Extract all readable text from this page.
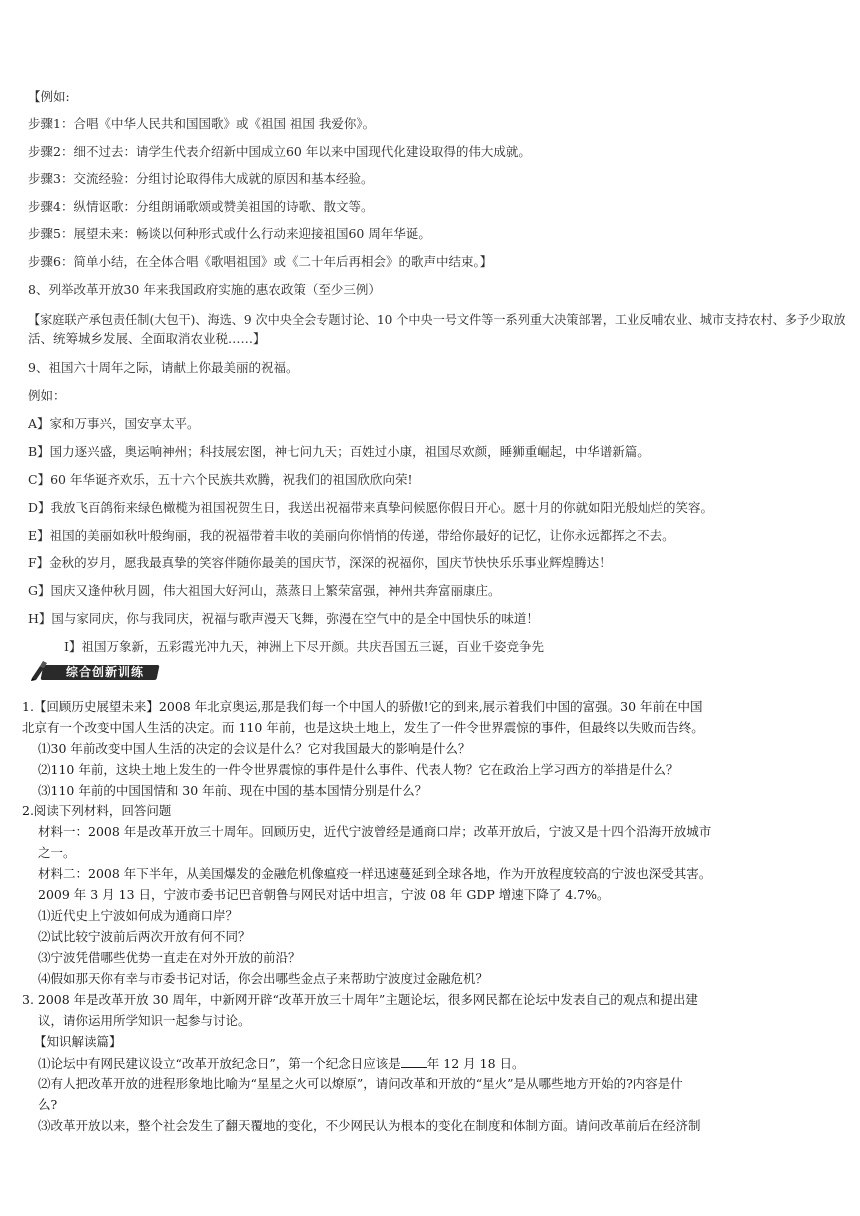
【例如:
步骤1：合唱《中华人民共和国国歌》或《祖国 祖国 我爱你》。
步骤2：细不过去：请学生代表介绍新中国成立60 年以来中国现代化建设取得的伟大成就。
步骤3：交流经验：分组讨论取得伟大成就的原因和基本经验。
步骤4：纵情讴歌：分组朗诵歌颂或赞美祖国的诗歌、散文等。
步骤5：展望未来：畅谈以何种形式或什么行动来迎接祖国60 周年华诞。
步骤6：简单小结，在全体合唱《歌唱祖国》或《二十年后再相会》的歌声中结束。】
8、列举改革开放30 年来我国政府实施的惠农政策（至少三例）
【家庭联产承包责任制(大包干)、海选、9 次中央全会专题讨论、10 个中央一号文件等一系列重大决策部署，工业反哺农业、城市支持农村、多予少取放
活、统筹城乡发展、全面取消农业税……】
9、祖国六十周年之际，请献上你最美丽的祝福。
例如：
A】家和万事兴，国安享太平。
B】国力逐兴盛，奥运响神州；科技展宏图，神七问九天；百姓过小康，祖国尽欢颜，睡狮重崛起，中华谱新篇。
C】60 年华诞齐欢乐，五十六个民族共欢腾，祝我们的祖国欣欣向荣!
D】我放飞百鸽衔来绿色橄榄为祖国祝贺生日，我送出祝福带来真挚问候愿你假日开心。愿十月的你就如阳光般灿烂的笑容。
E】祖国的美丽如秋叶般绚丽，我的祝福带着丰收的美丽向你悄悄的传递，带给你最好的记忆，让你永远都挥之不去。
F】金秋的岁月，愿我最真挚的笑容伴随你最美的国庆节，深深的祝福你，国庆节快快乐乐事业辉煌腾达！
G】国庆又逢仲秋月圆，伟大祖国大好河山，蒸蒸日上繁荣富强，神州共奔富丽康庄。
H】国与家同庆，你与我同庆，祝福与歌声漫天飞舞，弥漫在空气中的是全中国快乐的味道！
I】祖国万象新，五彩霞光冲九天，神洲上下尽开颜。共庆吾国五三诞，百业千姿竞争先
综合创新训练
1.【回顾历史展望未来】2008 年北京奥运,那是我们每一个中国人的骄傲!它的到来,展示着我们中国的富强。30 年前在中国
北京有一个改变中国人生活的决定。而 110 年前，也是这块土地上，发生了一件令世界震惊的事件，但最终以失败而告终。
⑴30 年前改变中国人生活的决定的会议是什么？它对我国最大的影响是什么？
⑵110 年前，这块土地上发生的一件令世界震惊的事件是什么事件、代表人物？它在政治上学习西方的举措是什么？
⑶110 年前的中国国情和 30 年前、现在中国的基本国情分别是什么？
2.阅读下列材料，回答问题
材料一：2008 年是改革开放三十周年。回顾历史，近代宁波曾经是通商口岸；改革开放后，宁波又是十四个沿海开放城市
之一。
材料二：2008 年下半年，从美国爆发的金融危机像瘟疫一样迅速蔓延到全球各地，作为开放程度较高的宁波也深受其害。
2009 年 3 月 13 日，宁波市委书记巴音朝鲁与网民对话中坦言，宁波 08 年 GDP 增速下降了 4.7%。
⑴近代史上宁波如何成为通商口岸？
⑵试比较宁波前后两次开放有何不同？
⑶宁波凭借哪些优势一直走在对外开放的前沿？
⑷假如那天你有幸与市委书记对话，你会出哪些金点子来帮助宁波度过金融危机？
3. 2008 年是改革开放 30 周年，中新网开辟“改革开放三十周年”主题论坛，很多网民都在论坛中发表自己的观点和提出建
议，请你运用所学知识一起参与讨论。
【知识解读篇】
⑴论坛中有网民建议设立“改革开放纪念日”，第一个纪念日应该是 年 12 月 18 日。
⑵有人把改革开放的进程形象地比喻为“星星之火可以燎原”，请问改革和开放的“星火”是从哪些地方开始的?内容是什
么?
⑶改革开放以来，整个社会发生了翻天覆地的变化，不少网民认为根本的变化在制度和体制方面。请问改革前后在经济制
